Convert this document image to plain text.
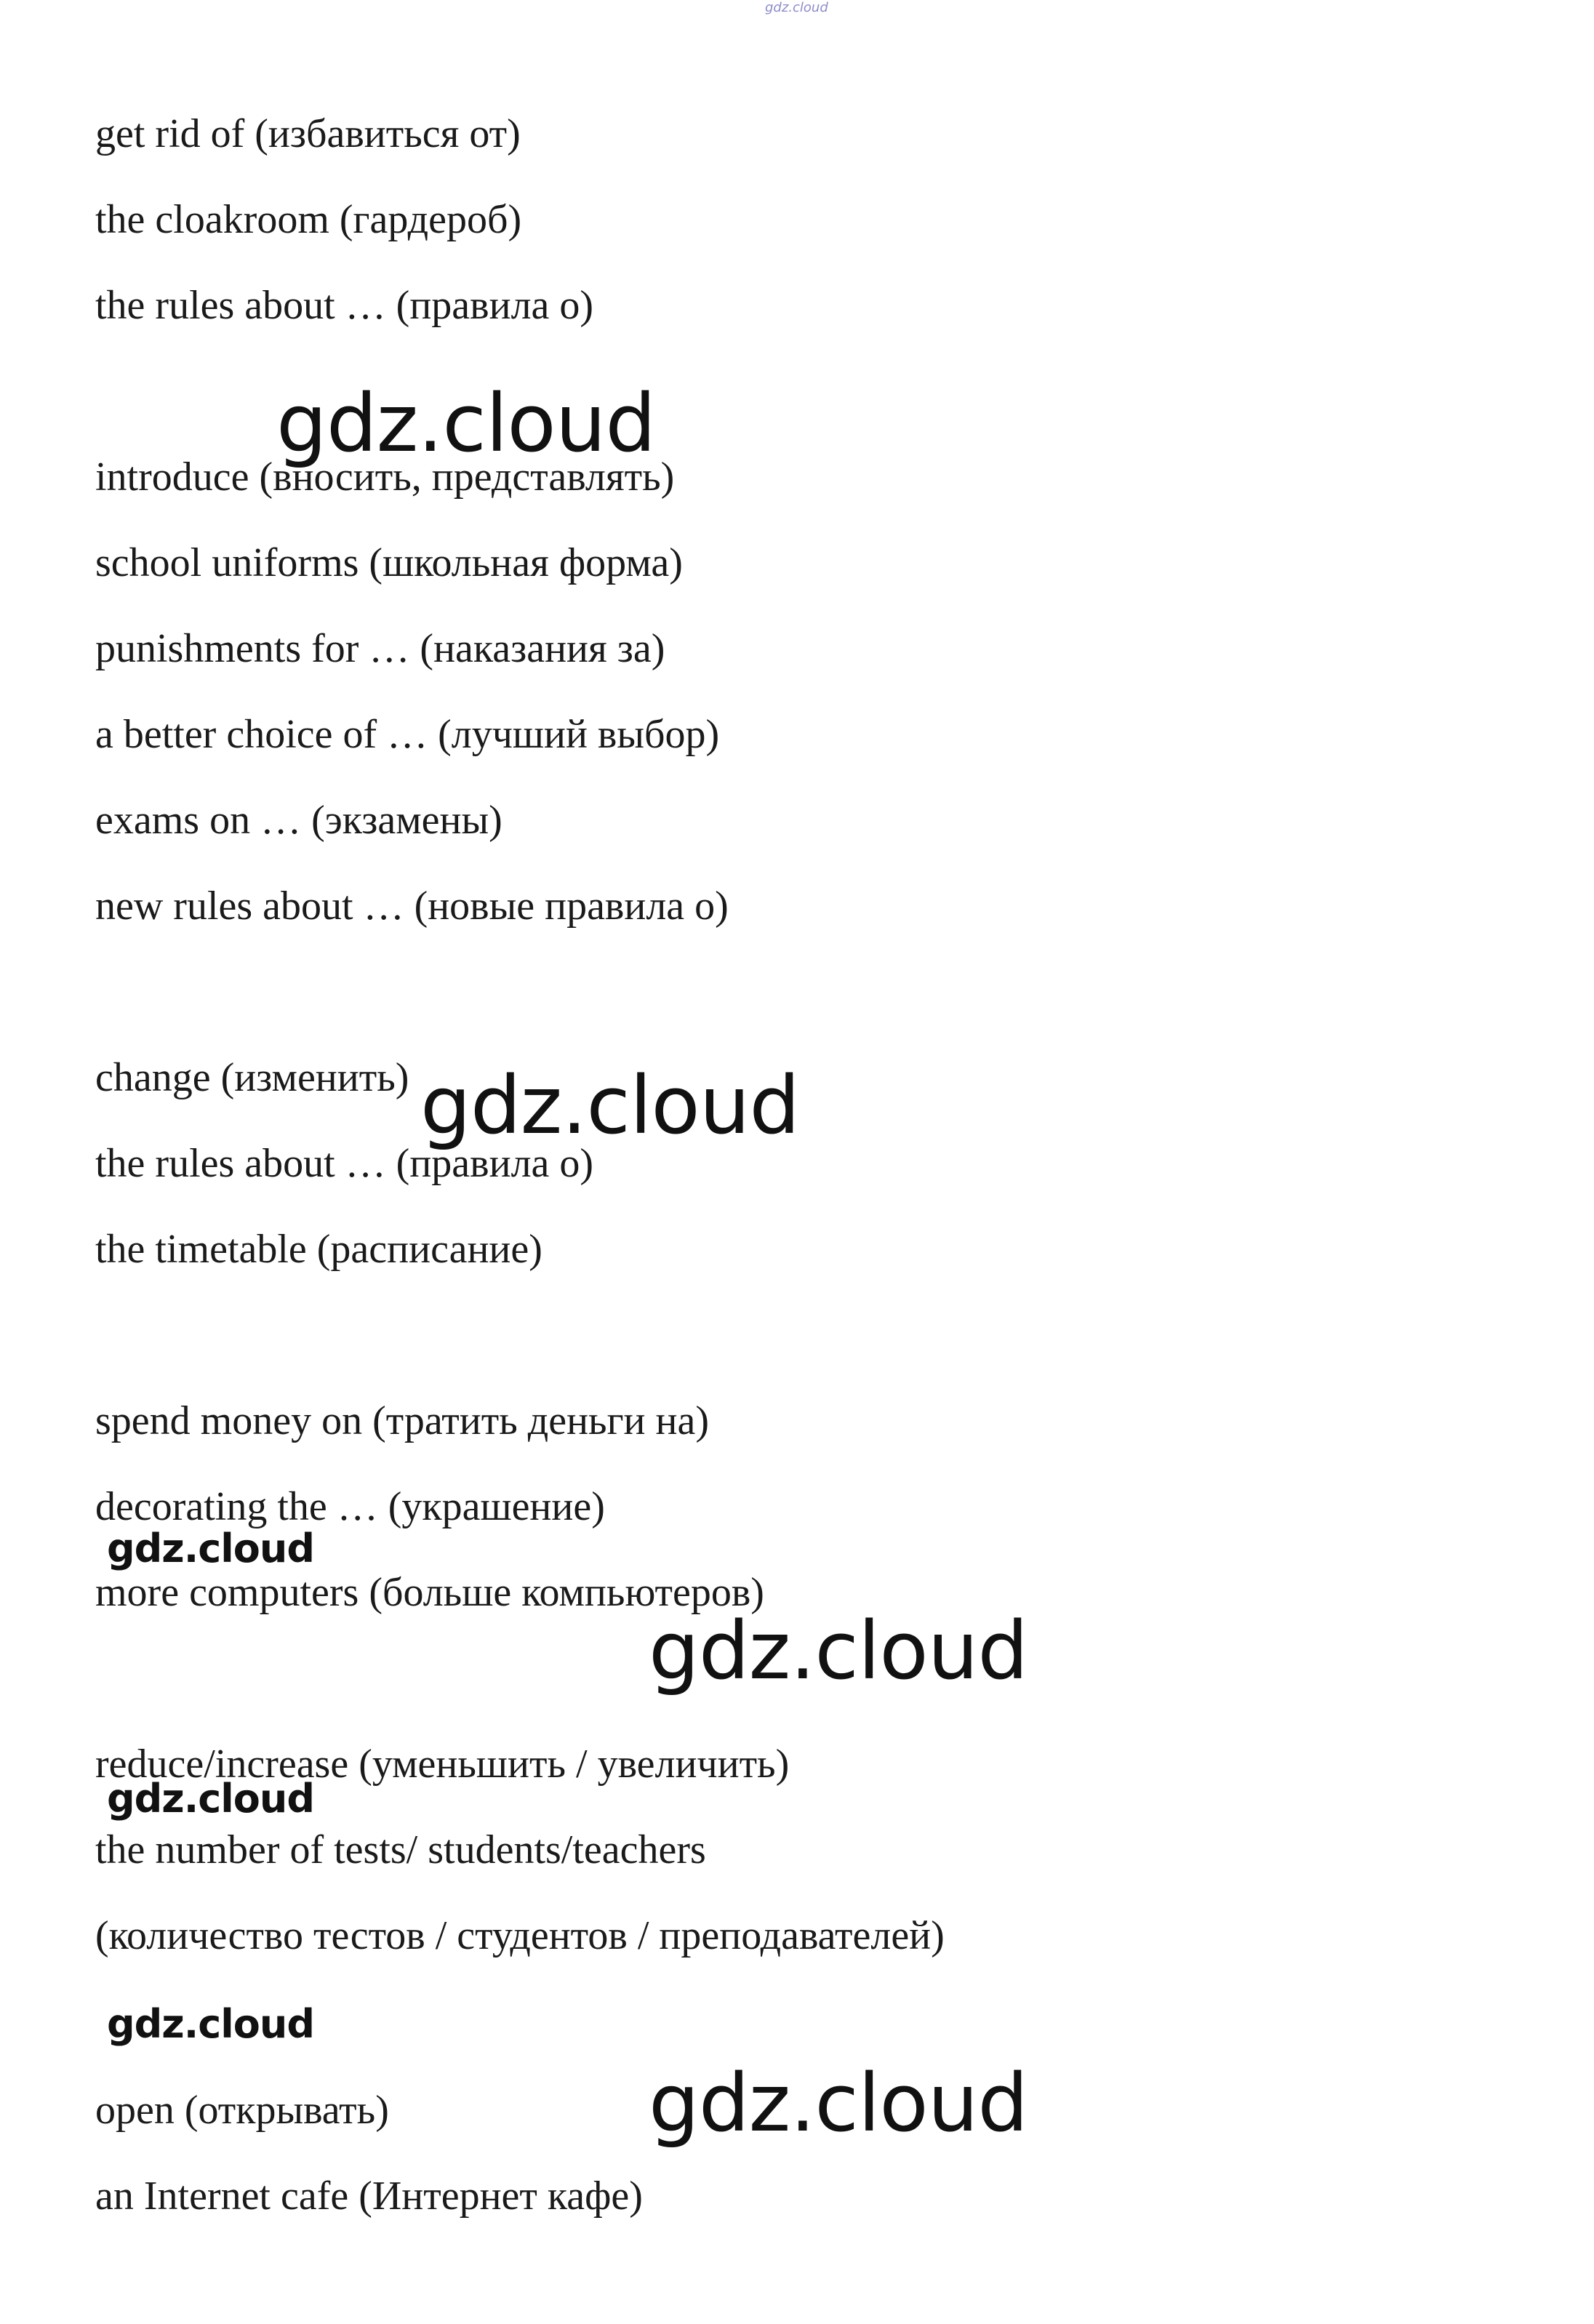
gdz.cloud
get rid of (избавиться от)
the cloakroom (гардероб)
the rules about … (правила о)
introduce (вносить, представлять)
school uniforms (школьная форма)
punishments for … (наказания за)
a better choice of … (лучший выбор)
exams on … (экзамены)
new rules about … (новые правила о)
change (изменить)
the rules about … (правила о)
the timetable (расписание)
spend money on (тратить деньги на)
decorating the … (украшение)
more computers (больше компьютеров)
reduce/increase (уменьшить / увеличить)
the number of tests/ students/teachers
(количество тестов / студентов / преподавателей)
open (открывать)
an Internet cafe (Интернет кафе)
gdz.cloud
gdz.cloud
gdz.cloud
gdz.cloud
gdz.cloud
gdz.cloud
gdz.cloud
